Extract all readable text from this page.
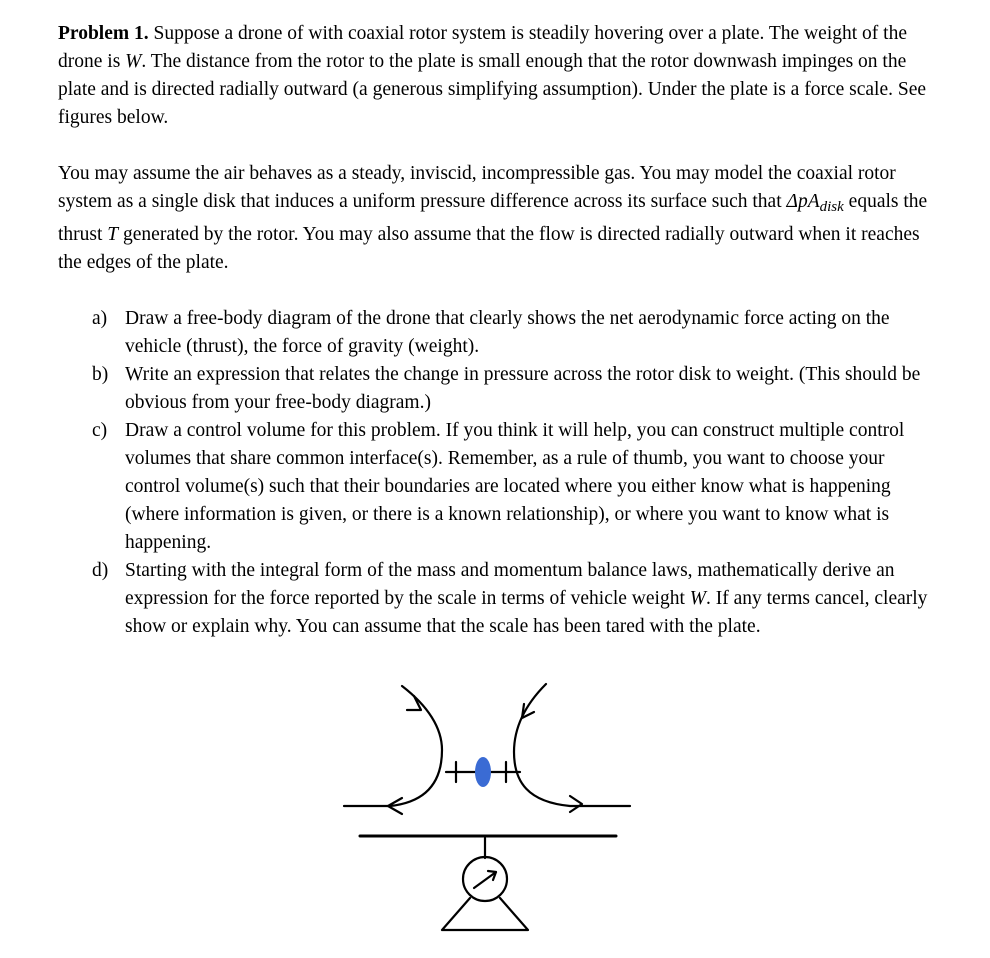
Problem 1. Suppose a drone of with coaxial rotor system is steadily hovering over a plate. The weight of the drone is W. The distance from the rotor to the plate is small enough that the rotor downwash impinges on the plate and is directed radially outward (a generous simplifying assumption). Under the plate is a force scale. See figures below.

You may assume the air behaves as a steady, inviscid, incompressible gas. You may model the coaxial rotor system as a single disk that induces a uniform pressure difference across its surface such that ΔpA$_{disk}$ equals the thrust T generated by the rotor. You may also assume that the flow is directed radially outward when it reaches the edges of the plate.

a) Draw a free-body diagram of the drone that clearly shows the net aerodynamic force acting on the vehicle (thrust), the force of gravity (weight).
b) Write an expression that relates the change in pressure across the rotor disk to weight. (This should be obvious from your free-body diagram.)
c) Draw a control volume for this problem. If you think it will help, you can construct multiple control volumes that share common interface(s). Remember, as a rule of thumb, you want to choose your control volume(s) such that their boundaries are located where you either know what is happening (where information is given, or there is a known relationship), or where you want to know what is happening.
d) Starting with the integral form of the mass and momentum balance laws, mathematically derive an expression for the force reported by the scale in terms of vehicle weight W. If any terms cancel, clearly show or explain why. You can assume that the scale has been tared with the plate.
